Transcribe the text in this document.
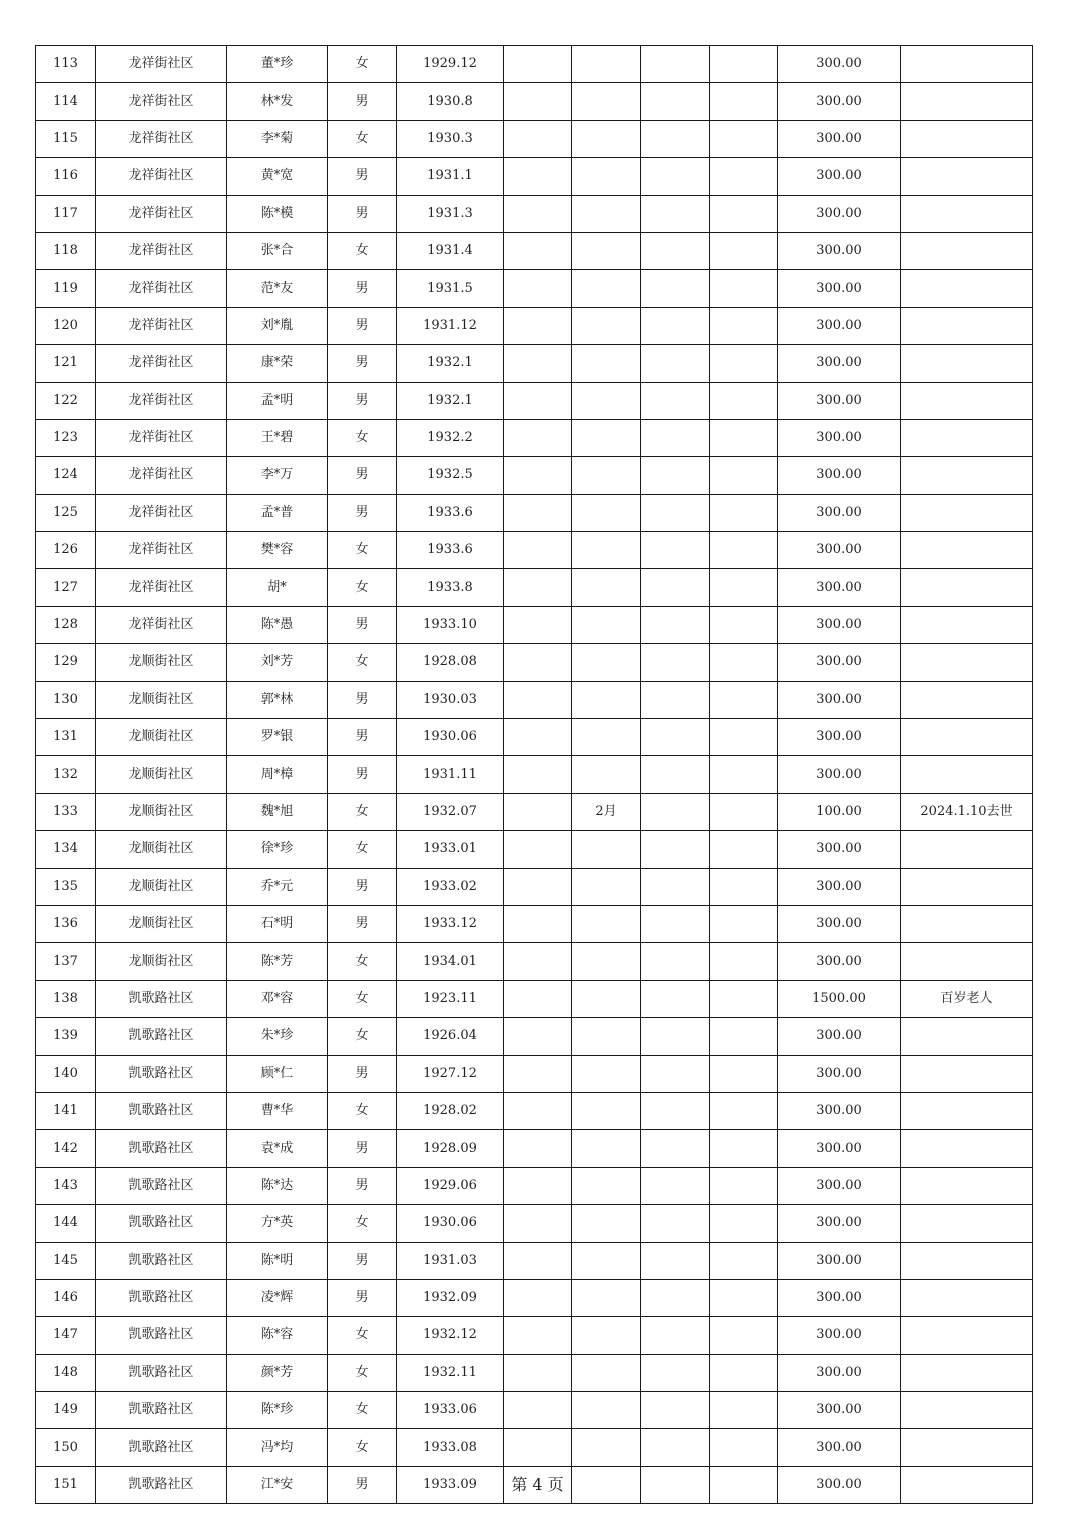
113	龙祥街社区	董*珍	女	1929.12					300.00	
114	龙祥街社区	林*发	男	1930.8					300.00	
115	龙祥街社区	李*菊	女	1930.3					300.00	
116	龙祥街社区	黄*宽	男	1931.1					300.00	
117	龙祥街社区	陈*模	男	1931.3					300.00	
118	龙祥街社区	张*合	女	1931.4					300.00	
119	龙祥街社区	范*友	男	1931.5					300.00	
120	龙祥街社区	刘*胤	男	1931.12					300.00	
121	龙祥街社区	康*荣	男	1932.1					300.00	
122	龙祥街社区	孟*明	男	1932.1					300.00	
123	龙祥街社区	王*碧	女	1932.2					300.00	
124	龙祥街社区	李*万	男	1932.5					300.00	
125	龙祥街社区	孟*普	男	1933.6					300.00	
126	龙祥街社区	樊*容	女	1933.6					300.00	
127	龙祥街社区	胡*	女	1933.8					300.00	
128	龙祥街社区	陈*愚	男	1933.10					300.00	
129	龙顺街社区	刘*芳	女	1928.08					300.00	
130	龙顺街社区	郭*林	男	1930.03					300.00	
131	龙顺街社区	罗*银	男	1930.06					300.00	
132	龙顺街社区	周*樟	男	1931.11					300.00	
133	龙顺街社区	魏*旭	女	1932.07		2月			100.00	2024.1.10去世
134	龙顺街社区	徐*珍	女	1933.01					300.00	
135	龙顺街社区	乔*元	男	1933.02					300.00	
136	龙顺街社区	石*明	男	1933.12					300.00	
137	龙顺街社区	陈*芳	女	1934.01					300.00	
138	凯歌路社区	邓*容	女	1923.11					1500.00	百岁老人
139	凯歌路社区	朱*珍	女	1926.04					300.00	
140	凯歌路社区	顾*仁	男	1927.12					300.00	
141	凯歌路社区	曹*华	女	1928.02					300.00	
142	凯歌路社区	袁*成	男	1928.09					300.00	
143	凯歌路社区	陈*达	男	1929.06					300.00	
144	凯歌路社区	方*英	女	1930.06					300.00	
145	凯歌路社区	陈*明	男	1931.03					300.00	
146	凯歌路社区	凌*辉	男	1932.09					300.00	
147	凯歌路社区	陈*容	女	1932.12					300.00	
148	凯歌路社区	颜*芳	女	1932.11					300.00	
149	凯歌路社区	陈*珍	女	1933.06					300.00	
150	凯歌路社区	冯*均	女	1933.08					300.00	
151	凯歌路社区	江*安	男	1933.09					300.00	
第 4 页
